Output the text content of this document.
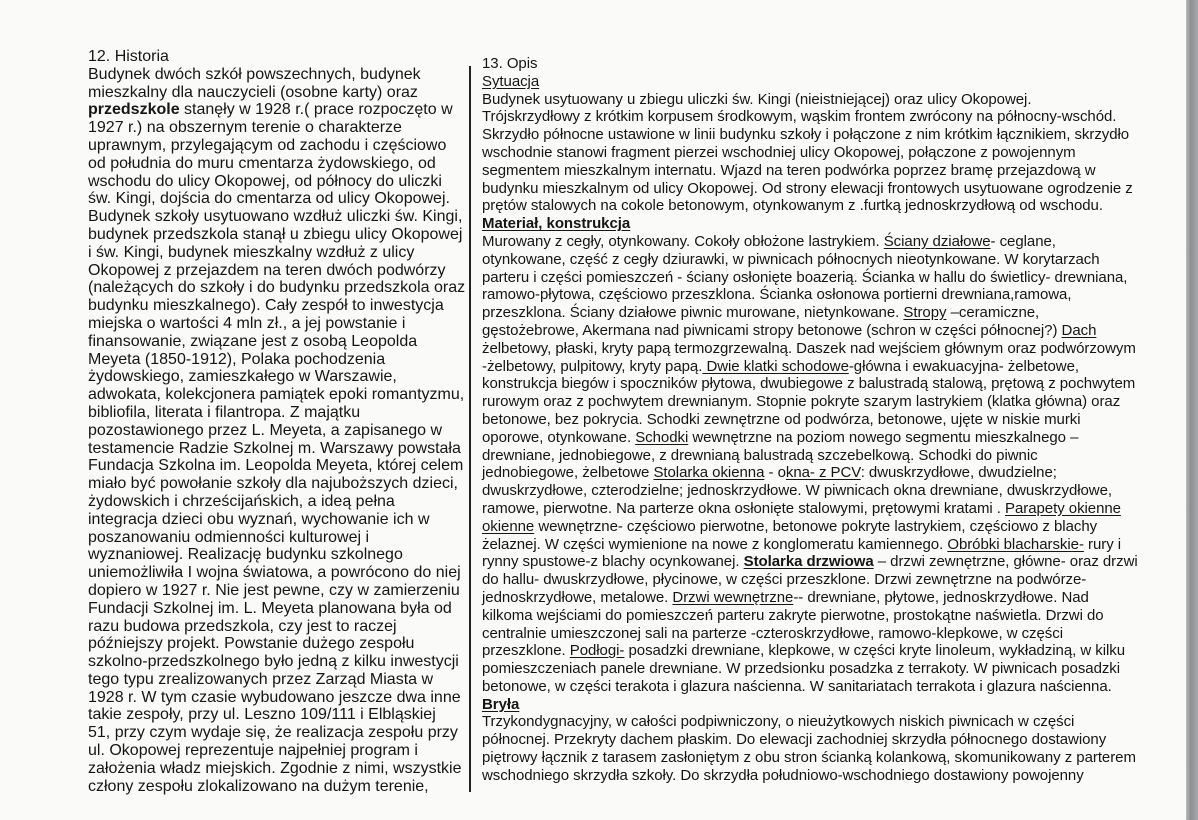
12. Historia
Budynek dwóch szkół powszechnych, budynek
mieszkalny dla nauczycieli (osobne karty) oraz
przedszkole stanęły w 1928 r.( prace rozpoczęto w
1927 r.) na obszernym terenie o charakterze
uprawnym, przylegającym od zachodu i częściowo
od południa do muru cmentarza żydowskiego, od
wschodu do ulicy Okopowej, od północy do uliczki
św. Kingi, dojścia do cmentarza od ulicy Okopowej.
Budynek szkoły usytuowano wzdłuż uliczki św. Kingi,
budynek przedszkola stanął u zbiegu ulicy Okopowej
i św. Kingi, budynek mieszkalny wzdłuż z ulicy
Okopowej z przejazdem na teren dwóch podwórzy
(należących do szkoły i do budynku przedszkola oraz
budynku mieszkalnego). Cały zespół to inwestycja
miejska o wartości 4 mln zł., a jej powstanie i
finansowanie, związane jest z osobą Leopolda
Meyeta (1850-1912), Polaka pochodzenia
żydowskiego, zamieszkałego w Warszawie,
adwokata, kolekcjonera pamiątek epoki romantyzmu,
bibliofila, literata i filantropa. Z majątku
pozostawionego przez L. Meyeta, a zapisanego w
testamencie Radzie Szkolnej m. Warszawy powstała
Fundacja Szkolna im. Leopolda Meyeta, której celem
miało być powołanie szkoły dla najuboższych dzieci,
żydowskich i chrześcijańskich, a ideą pełna
integracja dzieci obu wyznań, wychowanie ich w
poszanowaniu odmienności kulturowej i
wyznaniowej. Realizację budynku szkolnego
uniemożliwiła I wojna światowa, a powrócono do niej
dopiero w 1927 r. Nie jest pewne, czy w zamierzeniu
Fundacji Szkolnej im. L. Meyeta planowana była od
razu budowa przedszkola, czy jest to raczej
późniejszy projekt. Powstanie dużego zespołu
szkolno-przedszkolnego było jedną z kilku inwestycji
tego typu zrealizowanych przez Zarząd Miasta w
1928 r. W tym czasie wybudowano jeszcze dwa inne
takie zespoły, przy ul. Leszno 109/111 i Elbląskiej
51, przy czym wydaje się, że realizacja zespołu przy
ul. Okopowej reprezentuje najpełniej program i
założenia władz miejskich. Zgodnie z nimi, wszystkie
człony zespołu zlokalizowano na dużym terenie,
13. Opis
Sytuacja
Budynek usytuowany u zbiegu uliczki św. Kingi (nieistniejącej) oraz ulicy Okopowej.
Trójskrzydłowy z krótkim korpusem środkowym, wąskim frontem zwrócony na północny-wschód.
Skrzydło północne ustawione w linii budynku szkoły i połączone z nim krótkim łącznikiem, skrzydło
wschodnie stanowi fragment pierzei wschodniej ulicy Okopowej, połączone z powojennym
segmentem mieszkalnym internatu. Wjazd na teren podwórka poprzez bramę przejazdową w
budynku mieszkalnym od ulicy Okopowej. Od strony elewacji frontowych usytuowane ogrodzenie z
prętów stalowych na cokole betonowym, otynkowanym z .furtką jednoskrzydłową od wschodu.
Materiał, konstrukcja
Murowany z cegły, otynkowany. Cokoły obłożone lastrykiem. Ściany działowe- ceglane,
otynkowane, część z cegły dziurawki, w piwnicach północnych nieotynkowane. W korytarzach
parteru i części pomieszczeń - ściany osłonięte boazerią. Ścianka w hallu do świetlicy- drewniana,
ramowo-płytowa, częściowo przeszklona. Ścianka osłonowa portierni drewniana,ramowa,
przeszklona. Ściany działowe piwnic murowane, nietynkowane. Stropy –ceramiczne,
gęstożebrowe, Akermana nad piwnicami stropy betonowe (schron w części północnej?) Dach
żelbetowy, płaski, kryty papą termozgrzewalną. Daszek nad wejściem głównym oraz podwórzowym
-żelbetowy, pulpitowy, kryty papą. Dwie klatki schodowe-główna i ewakuacyjna- żelbetowe,
konstrukcja biegów i spoczników płytowa, dwubiegowe z balustradą stalową, prętową z pochwytem
rurowym oraz z pochwytem drewnianym. Stopnie pokryte szarym lastrykiem (klatka główna) oraz
betonowe, bez pokrycia. Schodki zewnętrzne od podwórza, betonowe, ujęte w niskie murki
oporowe, otynkowane. Schodki wewnętrzne na poziom nowego segmentu mieszkalnego –
drewniane, jednobiegowe, z drewnianą balustradą szczebelkową. Schodki do piwnic
jednobiegowe, żelbetowe Stolarka okienna - okna- z PCV: dwuskrzydłowe, dwudzielne;
dwuskrzydłowe, czterodzielne; jednoskrzydłowe. W piwnicach okna drewniane, dwuskrzydłowe,
ramowe, pierwotne. Na parterze okna osłonięte stalowymi, prętowymi kratami . Parapety okienne
okienne wewnętrzne- częściowo pierwotne, betonowe pokryte lastrykiem, częściowo z blachy
żelaznej. W części wymienione na nowe z konglomeratu kamiennego. Obróbki blacharskie- rury i
rynny spustowe-z blachy ocynkowanej. Stolarka drzwiowa – drzwi zewnętrzne, główne- oraz drzwi
do hallu- dwuskrzydłowe, płycinowe, w części przeszklone. Drzwi zewnętrzne na podwórze-
jednoskrzydłowe, metalowe. Drzwi wewnętrzne-- drewniane, płytowe, jednoskrzydłowe. Nad
kilkoma wejściami do pomieszczeń parteru zakryte pierwotne, prostokątne naświetla. Drzwi do
centralnie umieszczonej sali na parterze -czteroskrzydłowe, ramowo-klepkowe, w części
przeszklone. Podłogi- posadzki drewniane, klepkowe, w części kryte linoleum, wykładziną, w kilku
pomieszczeniach panele drewniane. W przedsionku posadzka z terrakoty. W piwnicach posadzki
betonowe, w części terakota i glazura naścienna. W sanitariatach terrakota i glazura naścienna.
Bryła
Trzykondygnacyjny, w całości podpiwniczony, o nieużytkowych niskich piwnicach w części
północnej. Przekryty dachem płaskim. Do elewacji zachodniej skrzydła północnego dostawiony
piętrowy łącznik z tarasem zasłoniętym z obu stron ścianką kolankową, skomunikowany z parterem
wschodniego skrzydła szkoły. Do skrzydła południowo-wschodniego dostawiony powojenny
